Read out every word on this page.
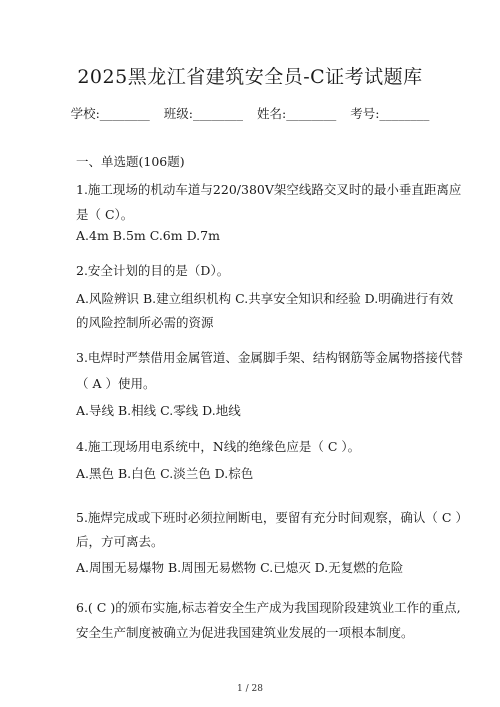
2025黑龙江省建筑安全员-C证考试题库
学校:________ 班级:________ 姓名:________ 考号:________
一、单选题(106题)
1.施工现场的机动车道与220/380V架空线路交叉时的最小垂直距离应
是（ C）。
A.4m B.5m C.6m D.7m
2.安全计划的目的是（D）。
A.风险辨识 B.建立组织机构 C.共享安全知识和经验 D.明确进行有效
的风险控制所必需的资源
3.电焊时严禁借用金属管道、金属脚手架、结构钢筋等金属物搭接代替
（ A ）使用。
A.导线 B.相线 C.零线 D.地线
4.施工现场用电系统中，N线的绝缘色应是（ C ）。
A.黑色 B.白色 C.淡兰色 D.棕色
5.施焊完成或下班时必须拉闸断电，要留有充分时间观察，确认（ C ）
后，方可离去。
A.周围无易爆物 B.周围无易燃物 C.已熄灭 D.无复燃的危险
6.( C )的颁布实施,标志着安全生产成为我国现阶段建筑业工作的重点,
安全生产制度被确立为促进我国建筑业发展的一项根本制度。
1 / 28
